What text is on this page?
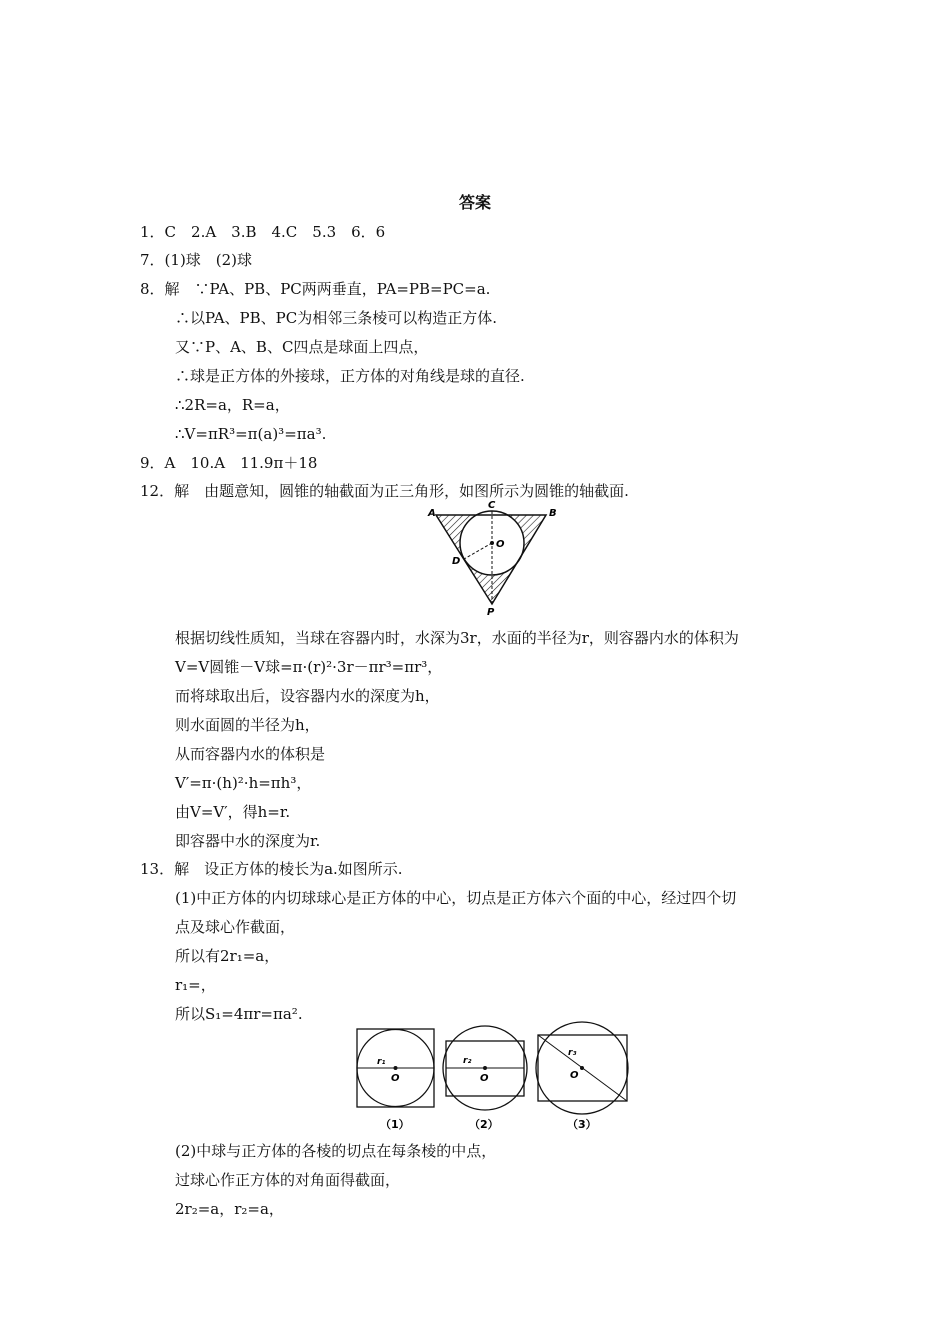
答案
1．C　2.A　3.B　4.C　5.3　6．6
7．(1)球　(2)球
8．解　∵PA、PB、PC两两垂直，PA=PB=PC=a.
∴以PA、PB、PC为相邻三条棱可以构造正方体.
又∵P、A、B、C四点是球面上四点，
∴球是正方体的外接球，正方体的对角线是球的直径.
∴2R=a，R=a，
∴V=πR³=π(a)³=πa³.
9．A　10.A　11.9π＋18
12．解　由题意知，圆锥的轴截面为正三角形，如图所示为圆锥的轴截面.
A	B
C
O
D
P
根据切线性质知，当球在容器内时，水深为3r，水面的半径为r，则容器内水的体积为
V=V圆锥－V球=π·(r)²·3r－πr³=πr³，
而将球取出后，设容器内水的深度为h，
则水面圆的半径为h，
从而容器内水的体积是
V′=π·(h)²·h=πh³，
由V=V′，得h=r.
即容器中水的深度为r.
13．解　设正方体的棱长为a.如图所示.
(1)中正方体的内切球球心是正方体的中心，切点是正方体六个面的中心，经过四个切
点及球心作截面，
所以有2r₁=a，
r₁=，
所以S₁=4πr=πa².
r₁
O
（1）
r₂
O
（2）
r₃
O
（3）
(2)中球与正方体的各棱的切点在每条棱的中点，
过球心作正方体的对角面得截面，
2r₂=a，r₂=a，
